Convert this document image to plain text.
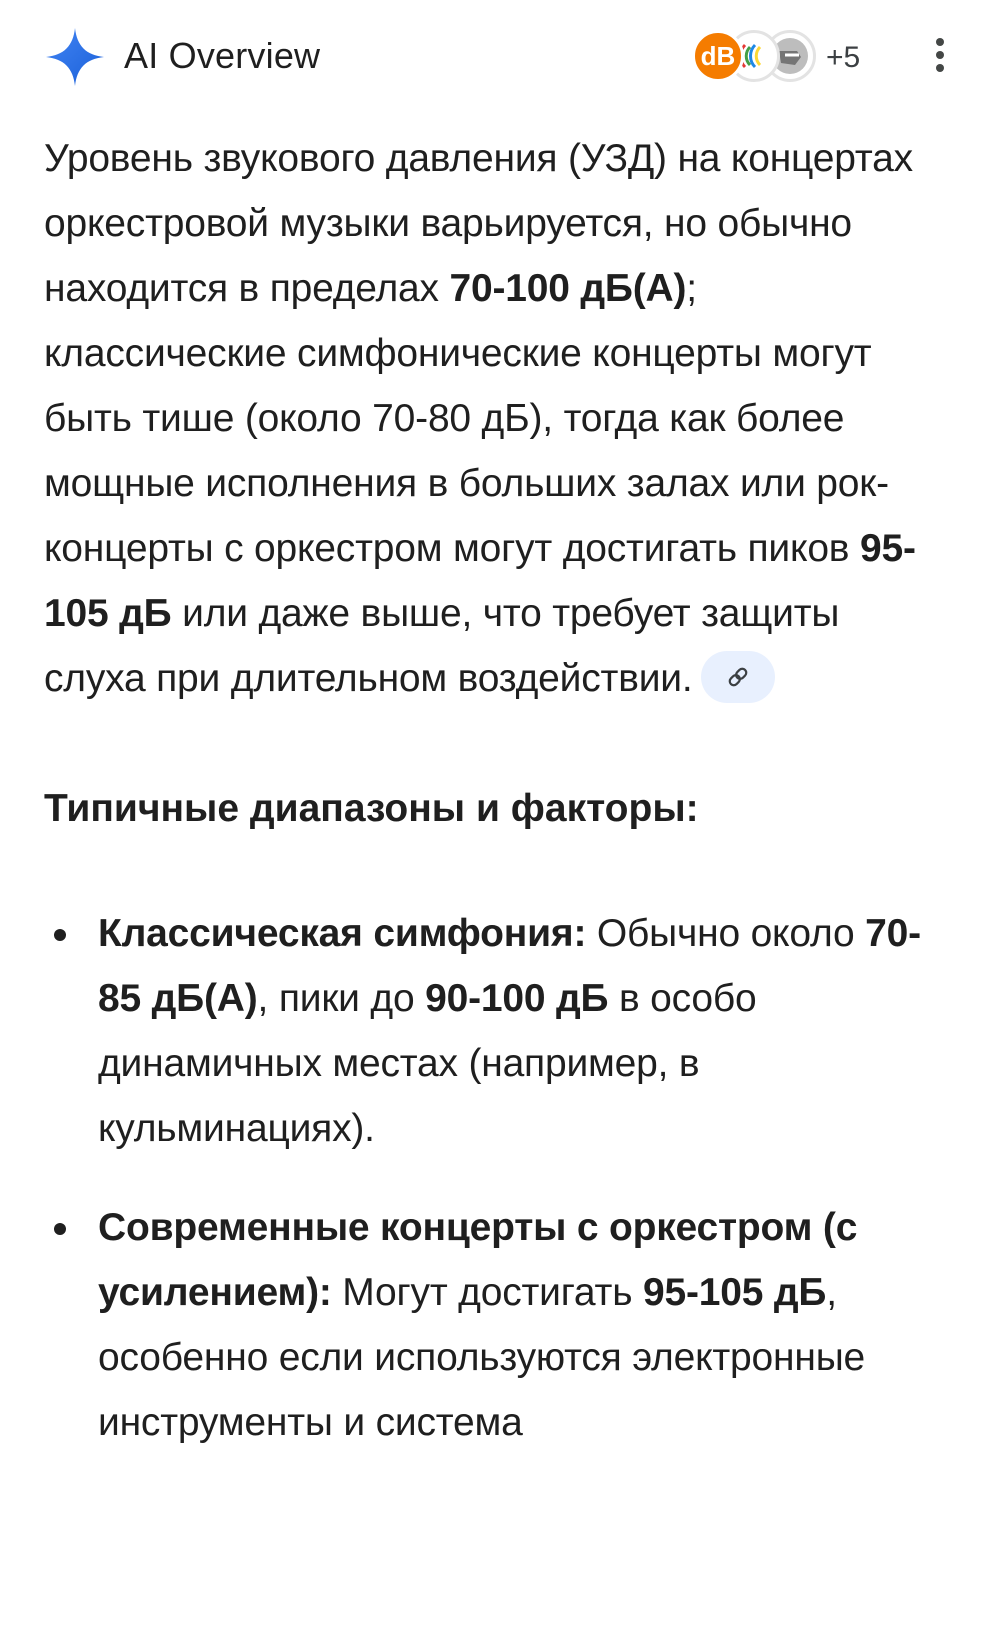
AI Overview	dB	+5

Уровень звукового давления (УЗД) на концертах оркестровой музыки варьируется, но обычно находится в пределах 70-100 дБ(А); классические симфонические концерты могут быть тише (около 70-80 дБ), тогда как более мощные исполнения в больших залах или рок-концерты с оркестром могут достигать пиков 95-105 дБ или даже выше, что требует защиты слуха при длительном воздействии.

Типичные диапазоны и факторы:
Классическая симфония: Обычно около 70-85 дБ(А), пики до 90-100 дБ в особо динамичных местах (например, в кульминациях).
Современные концерты с оркестром (с усилением): Могут достигать 95-105 дБ, особенно если используются электронные инструменты и система
